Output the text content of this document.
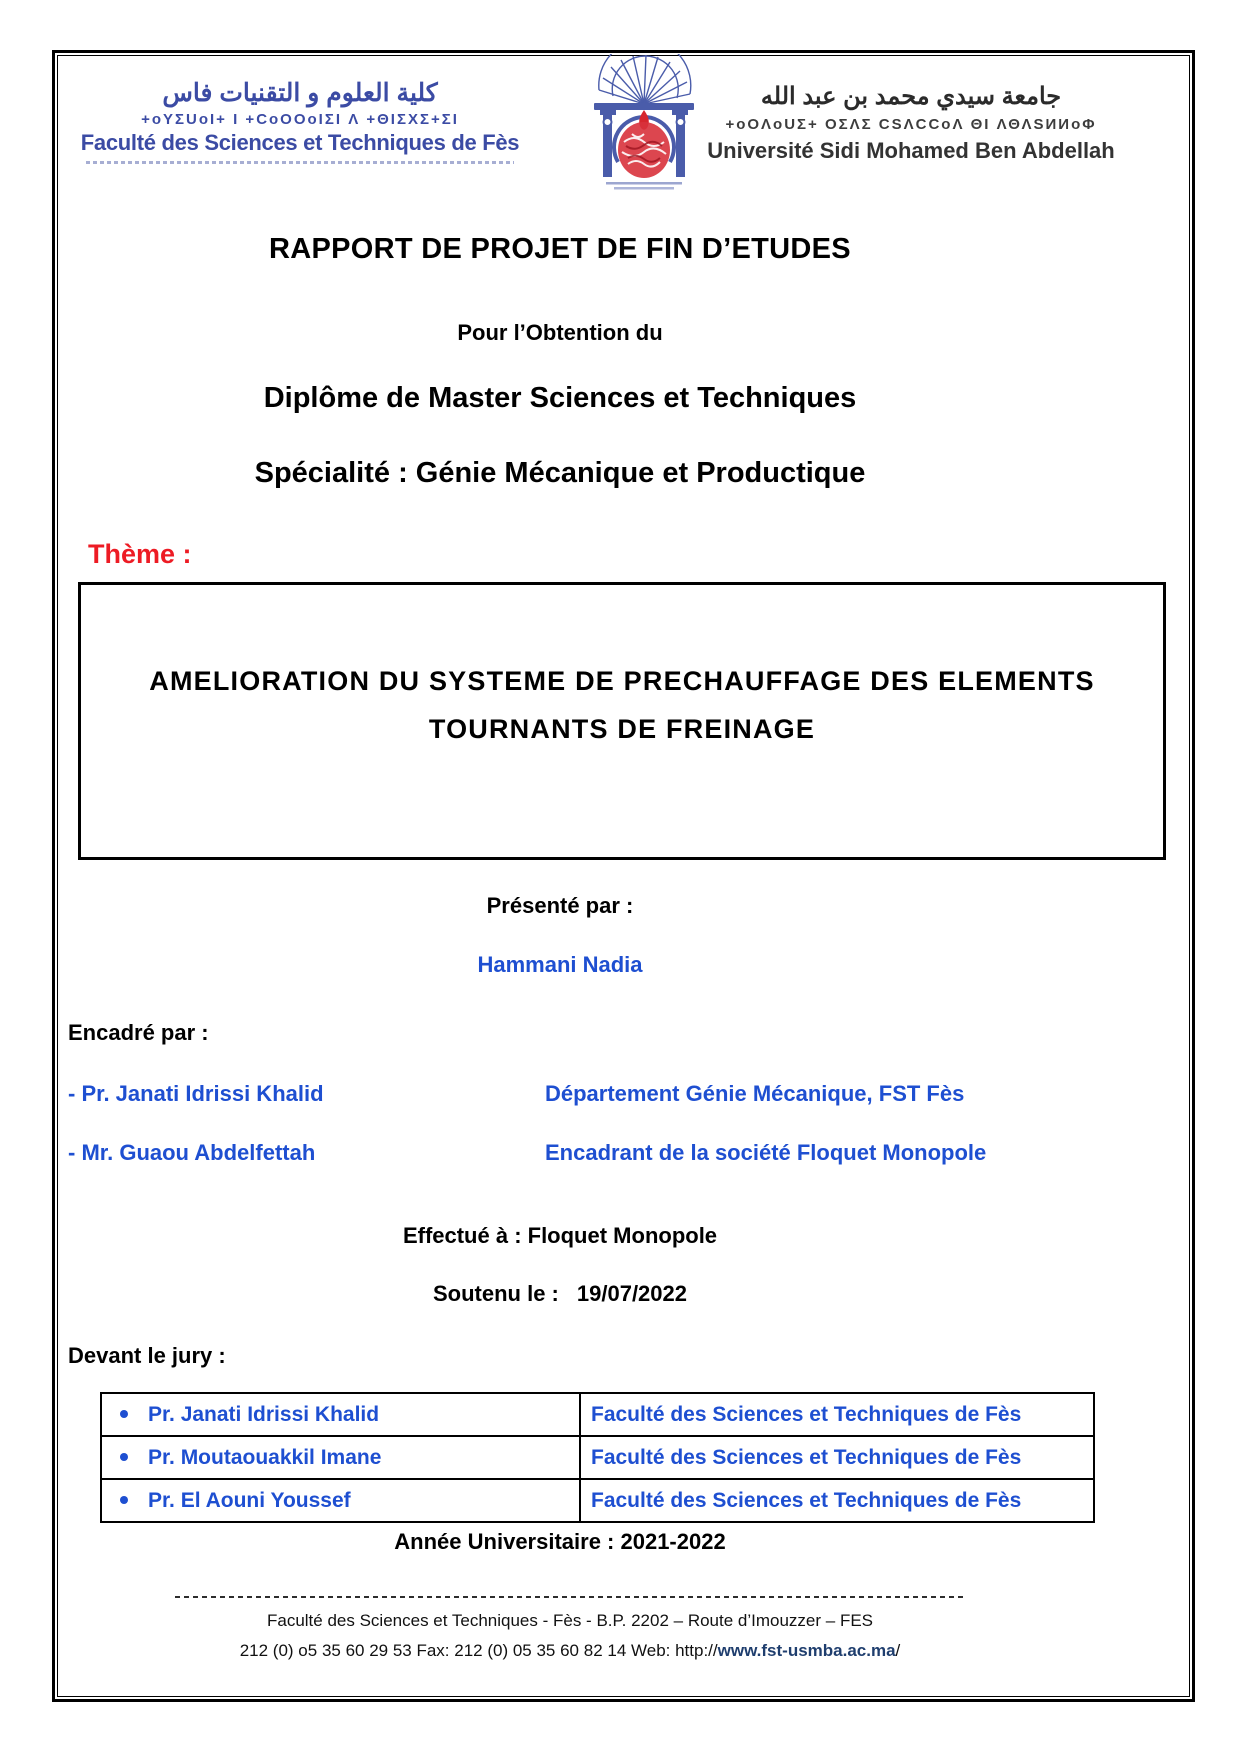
كلية العلوم و التقنيات فاس
+oYΣUoI+ I +CoOOoIΣI Λ +ΘIΣXΣ+ΣI
Faculté des Sciences et Techniques de Fès
جامعة سيدي محمد بن عبد الله
+oOΛoUΣ+ OΣΛΣ CSΛCCoΛ ΘI ΛΘΛSИИoΦ
Université Sidi Mohamed Ben Abdellah
RAPPORT DE PROJET DE FIN D’ETUDES
Pour l’Obtention du
Diplôme de Master Sciences et Techniques
Spécialité : Génie Mécanique et Productique
Thème :
AMELIORATION DU SYSTEME DE PRECHAUFFAGE DES ELEMENTS
TOURNANTS DE FREINAGE
Présenté par :
Hammani Nadia
Encadré par :
- Pr. Janati Idrissi Khalid	Département Génie Mécanique, FST Fès
- Mr. Guaou Abdelfettah	Encadrant de la société Floquet Monopole
Effectué à : Floquet Monopole
Soutenu le : 19/07/2022
Devant le jury :
Pr. Janati Idrissi Khalid	Faculté des Sciences et Techniques de Fès
Pr. Moutaouakkil Imane	Faculté des Sciences et Techniques de Fès
Pr. El Aouni Youssef	Faculté des Sciences et Techniques de Fès
Année Universitaire : 2021-2022
Faculté des Sciences et Techniques - Fès - B.P. 2202 – Route d’Imouzzer – FES
212 (0) o5 35 60 29 53 Fax: 212 (0) 05 35 60 82 14 Web: http://www.fst-usmba.ac.ma/
